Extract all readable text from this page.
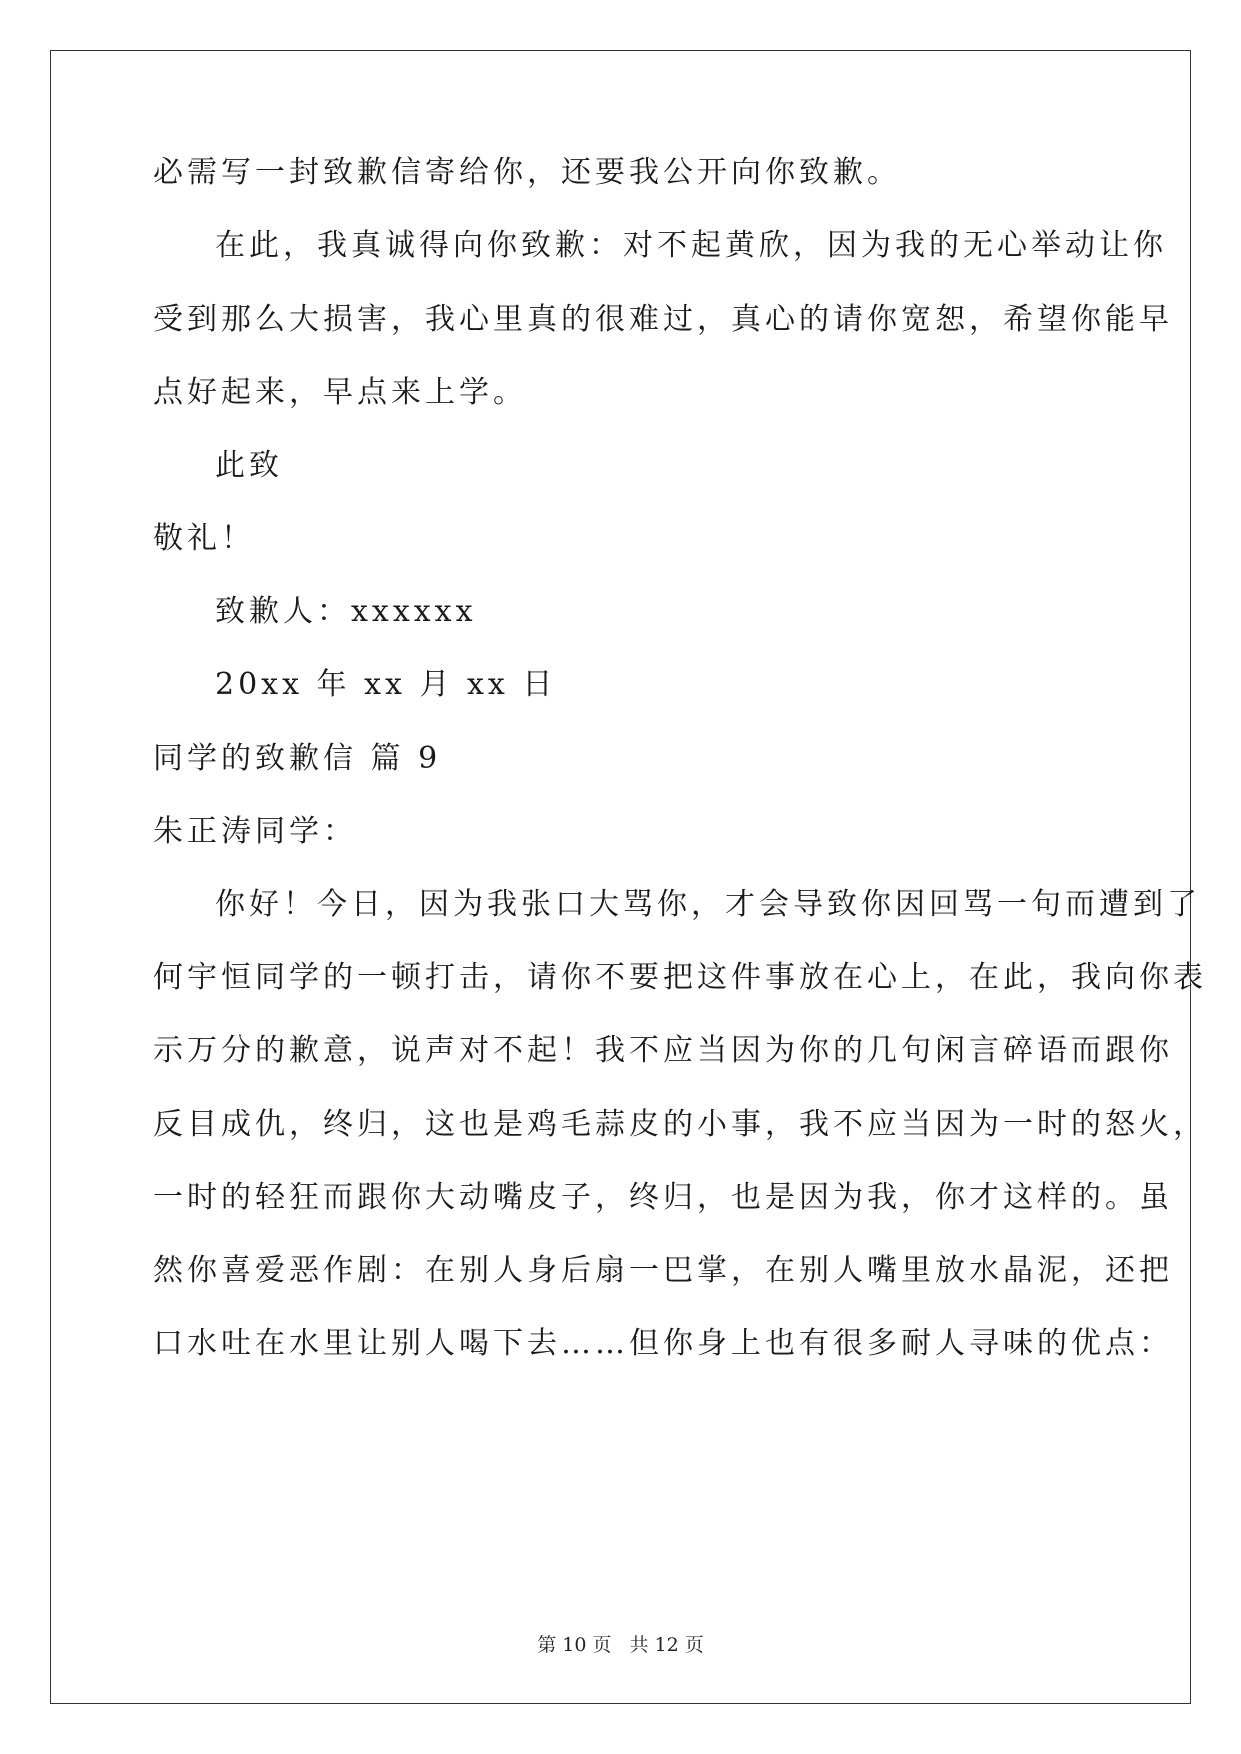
必需写一封致歉信寄给你，还要我公开向你致歉。
在此，我真诚得向你致歉：对不起黄欣，因为我的无心举动让你
受到那么大损害，我心里真的很难过，真心的请你宽恕，希望你能早
点好起来，早点来上学。
此致
敬礼！
致歉人：xxxxxx
20xx 年 xx 月 xx 日
同学的致歉信 篇 9
朱正涛同学：
你好！今日，因为我张口大骂你，才会导致你因回骂一句而遭到了
何宇恒同学的一顿打击，请你不要把这件事放在心上，在此，我向你表
示万分的歉意，说声对不起！我不应当因为你的几句闲言碎语而跟你
反目成仇，终归，这也是鸡毛蒜皮的小事，我不应当因为一时的怒火，
一时的轻狂而跟你大动嘴皮子，终归，也是因为我，你才这样的。虽
然你喜爱恶作剧：在别人身后扇一巴掌，在别人嘴里放水晶泥，还把
口水吐在水里让别人喝下去……但你身上也有很多耐人寻味的优点：
第 10 页 共 12 页
